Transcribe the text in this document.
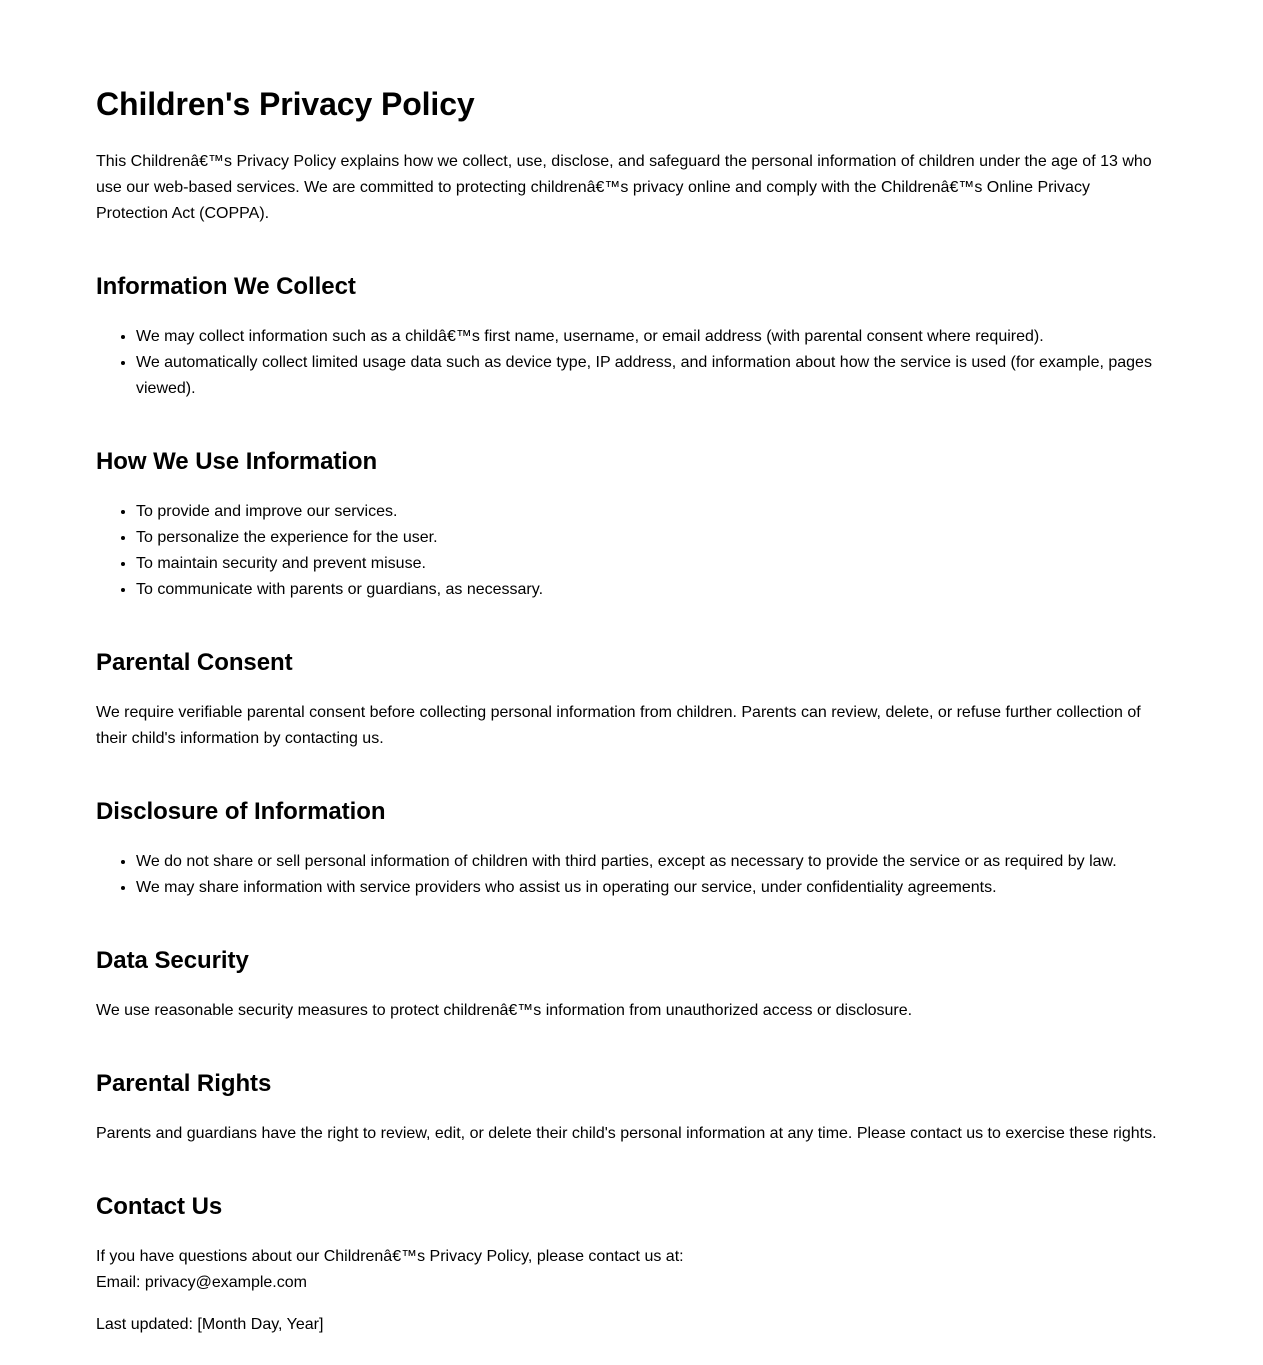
Children's Privacy Policy

This Childrenâ€™s Privacy Policy explains how we collect, use, disclose, and safeguard the personal information of children under the age of 13 who use our web-based services. We are committed to protecting childrenâ€™s privacy online and comply with the Childrenâ€™s Online Privacy Protection Act (COPPA).

Information We Collect
• We may collect information such as a childâ€™s first name, username, or email address (with parental consent where required).
• We automatically collect limited usage data such as device type, IP address, and information about how the service is used (for example, pages viewed).
How We Use Information
• To provide and improve our services.
• To personalize the experience for the user.
• To maintain security and prevent misuse.
• To communicate with parents or guardians, as necessary.
Parental Consent

We require verifiable parental consent before collecting personal information from children. Parents can review, delete, or refuse further collection of their child's information by contacting us.

Disclosure of Information
• We do not share or sell personal information of children with third parties, except as necessary to provide the service or as required by law.
• We may share information with service providers who assist us in operating our service, under confidentiality agreements.
Data Security

We use reasonable security measures to protect childrenâ€™s information from unauthorized access or disclosure.

Parental Rights

Parents and guardians have the right to review, edit, or delete their child's personal information at any time. Please contact us to exercise these rights.

Contact Us

If you have questions about our Childrenâ€™s Privacy Policy, please contact us at:
Email: privacy@example.com

Last updated: [Month Day, Year]
